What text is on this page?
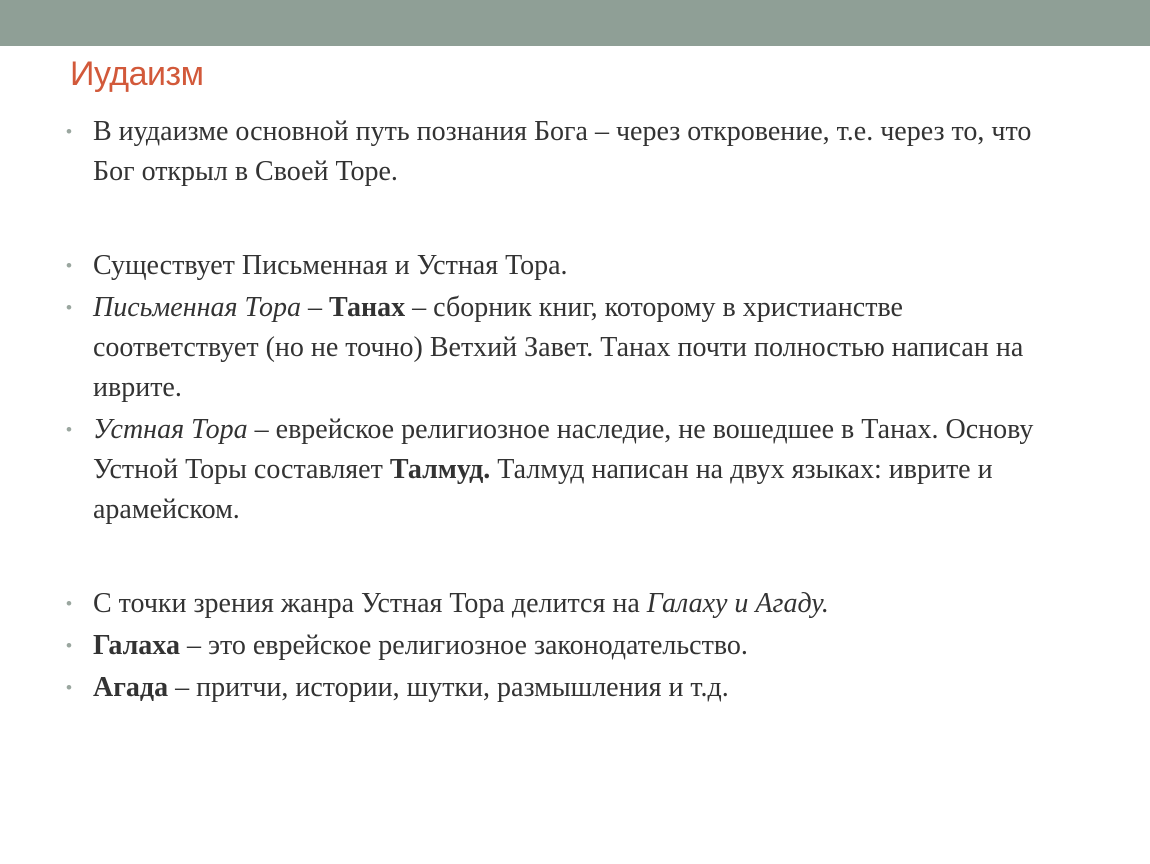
Иудаизм
• В иудаизме основной путь познания Бога – через откровение, т.е. через то, что Бог открыл в Своей Торе.
• Существует Письменная и Устная Тора.
• Письменная Тора – Танах – сборник книг, которому в христианстве соответствует (но не точно) Ветхий Завет. Танах почти полностью написан на иврите.
• Устная Тора – еврейское религиозное наследие, не вошедшее в Танах. Основу Устной Торы составляет Талмуд. Талмуд написан на двух языках: иврите и арамейском.
• С точки зрения жанра Устная Тора делится на Галаху и Агаду.
• Галаха – это еврейское религиозное законодательство.
• Агада – притчи, истории, шутки, размышления и т.д.
